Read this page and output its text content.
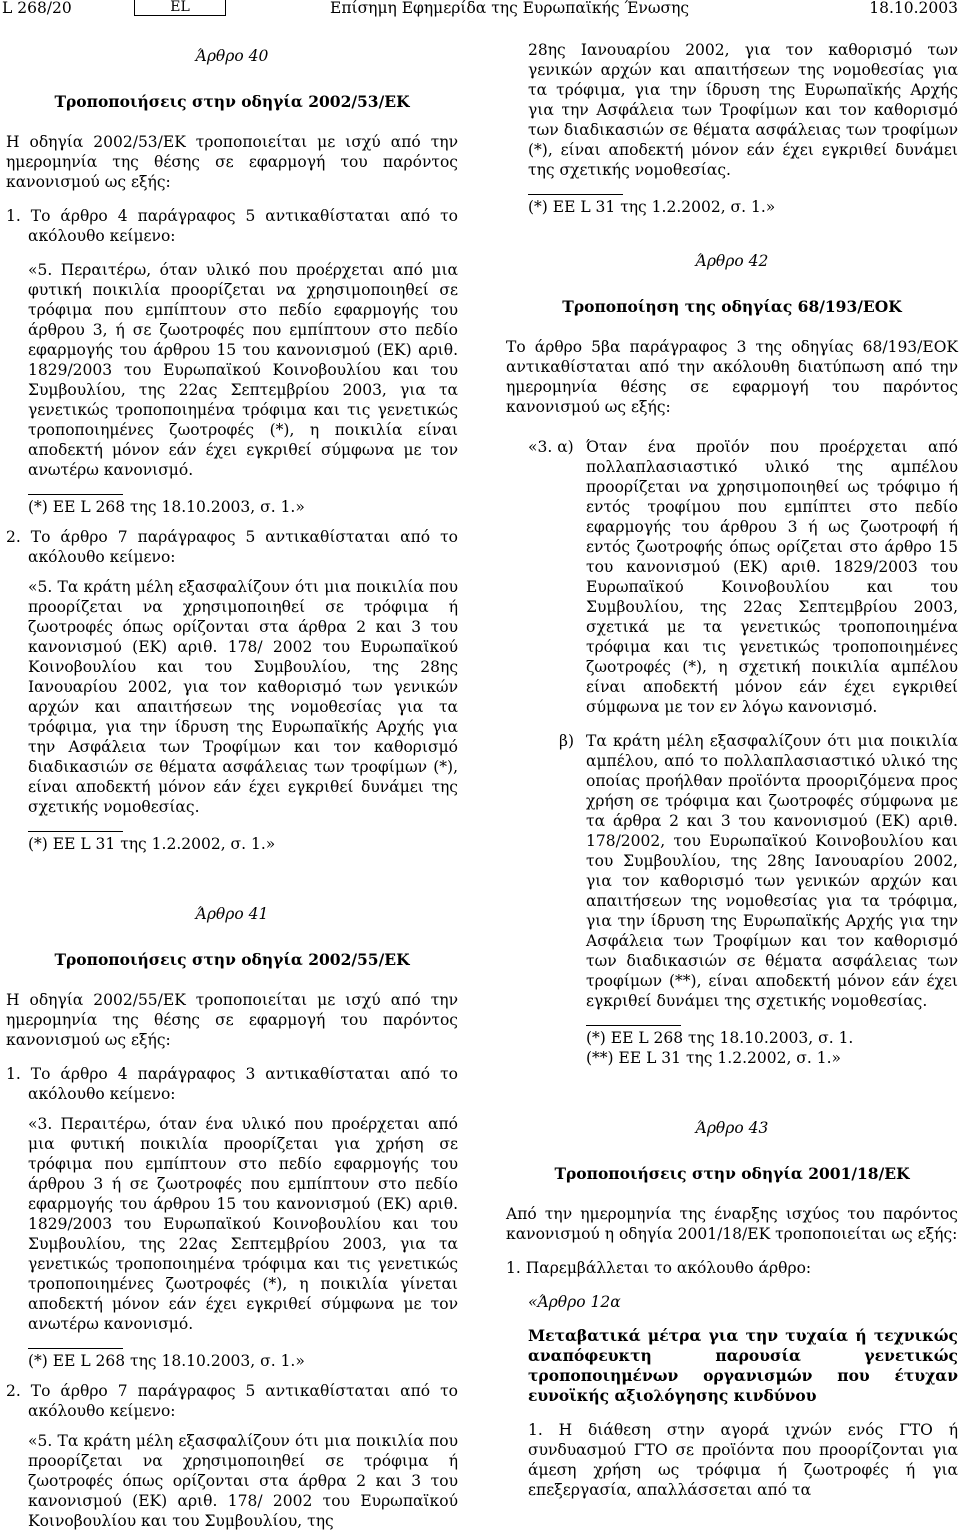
L 268/20	EL	Επίσημη Εφημερίδα της Ευρωπαϊκής Ένωσης	18.10.2003

Άρθρο 40

Τροποποιήσεις στην οδηγία 2002/53/ΕΚ

Η οδηγία 2002/53/ΕΚ τροποποιείται με ισχύ από την ημερομηνία της θέσης σε εφαρμογή του παρόντος κανονισμού ως εξής:

1. Το άρθρο 4 παράγραφος 5 αντικαθίσταται από το ακόλουθο κείμενο:

«5. Περαιτέρω, όταν υλικό που προέρχεται από μια φυτική ποικιλία προορίζεται να χρησιμοποιηθεί σε τρόφιμα που εμπίπτουν στο πεδίο εφαρμογής του άρθρου 3, ή σε ζωοτροφές που εμπίπτουν στο πεδίο εφαρμογής του άρθρου 15 του κανονισμού (ΕΚ) αριθ. 1829/2003 του Ευρωπαϊκού Κοινοβουλίου και του Συμβουλίου, της 22ας Σεπτεμβρίου 2003, για τα γενετικώς τροποποιημένα τρόφιμα και τις γενετικώς τροποποιημένες ζωοτροφές (*), η ποικιλία είναι αποδεκτή μόνον εάν έχει εγκριθεί σύμφωνα με τον ανωτέρω κανονισμό.

(*) ΕΕ L 268 της 18.10.2003, σ. 1.»

2. Το άρθρο 7 παράγραφος 5 αντικαθίσταται από το ακόλουθο κείμενο:

«5. Τα κράτη μέλη εξασφαλίζουν ότι μια ποικιλία που προορίζεται να χρησιμοποιηθεί σε τρόφιμα ή ζωοτροφές όπως ορίζονται στα άρθρα 2 και 3 του κανονισμού (ΕΚ) αριθ. 178/ 2002 του Ευρωπαϊκού Κοινοβουλίου και του Συμβουλίου, της 28ης Ιανουαρίου 2002, για τον καθορισμό των γενικών αρχών και απαιτήσεων της νομοθεσίας για τα τρόφιμα, για την ίδρυση της Ευρωπαϊκής Αρχής για την Ασφάλεια των Τροφίμων και τον καθορισμό διαδικασιών σε θέματα ασφάλειας των τροφίμων (*), είναι αποδεκτή μόνον εάν έχει εγκριθεί δυνάμει της σχετικής νομοθεσίας.

(*) ΕΕ L 31 της 1.2.2002, σ. 1.»

Άρθρο 41

Τροποποιήσεις στην οδηγία 2002/55/ΕΚ

Η οδηγία 2002/55/ΕΚ τροποποιείται με ισχύ από την ημερομηνία της θέσης σε εφαρμογή του παρόντος κανονισμού ως εξής:

1. Το άρθρο 4 παράγραφος 3 αντικαθίσταται από το ακόλουθο κείμενο:

«3. Περαιτέρω, όταν ένα υλικό που προέρχεται από μια φυτική ποικιλία προορίζεται για χρήση σε τρόφιμα που εμπίπτουν στο πεδίο εφαρμογής του άρθρου 3 ή σε ζωοτροφές που εμπίπτουν στο πεδίο εφαρμογής του άρθρου 15 του κανονισμού (ΕΚ) αριθ. 1829/2003 του Ευρωπαϊκού Κοινοβουλίου και του Συμβουλίου, της 22ας Σεπτεμβρίου 2003, για τα γενετικώς τροποποιημένα τρόφιμα και τις γενετικώς τροποποιημένες ζωοτροφές (*), η ποικιλία γίνεται αποδεκτή μόνον εάν έχει εγκριθεί σύμφωνα με τον ανωτέρω κανονισμό.

(*) ΕΕ L 268 της 18.10.2003, σ. 1.»

2. Το άρθρο 7 παράγραφος 5 αντικαθίσταται από το ακόλουθο κείμενο:

«5. Τα κράτη μέλη εξασφαλίζουν ότι μια ποικιλία που προορίζεται να χρησιμοποιηθεί σε τρόφιμα ή ζωοτροφές όπως ορίζονται στα άρθρα 2 και 3 του κανονισμού (ΕΚ) αριθ. 178/ 2002 του Ευρωπαϊκού Κοινοβουλίου και του Συμβουλίου, της

28ης Ιανουαρίου 2002, για τον καθορισμό των γενικών αρχών και απαιτήσεων της νομοθεσίας για τα τρόφιμα, για την ίδρυση της Ευρωπαϊκής Αρχής για την Ασφάλεια των Τροφίμων και τον καθορισμό των διαδικασιών σε θέματα ασφάλειας των τροφίμων (*), είναι αποδεκτή μόνον εάν έχει εγκριθεί δυνάμει της σχετικής νομοθεσίας.

(*) ΕΕ L 31 της 1.2.2002, σ. 1.»

Άρθρο 42

Τροποποίηση της οδηγίας 68/193/ΕΟΚ

Το άρθρο 5βα παράγραφος 3 της οδηγίας 68/193/ΕΟΚ αντικαθίσταται από την ακόλουθη διατύπωση από την ημερομηνία θέσης σε εφαρμογή του παρόντος κανονισμού ως εξής:

«3. α) Όταν ένα προϊόν που προέρχεται από πολλαπλασιαστικό υλικό της αμπέλου προορίζεται να χρησιμοποιηθεί ως τρόφιμο ή εντός τροφίμου που εμπίπτει στο πεδίο εφαρμογής του άρθρου 3 ή ως ζωοτροφή ή εντός ζωοτροφής όπως ορίζεται στο άρθρο 15 του κανονισμού (ΕΚ) αριθ. 1829/2003 του Ευρωπαϊκού Κοινοβουλίου και του Συμβουλίου, της 22ας Σεπτεμβρίου 2003, σχετικά με τα γενετικώς τροποποιημένα τρόφιμα και τις γενετικώς τροποποιημένες ζωοτροφές (*), η σχετική ποικιλία αμπέλου είναι αποδεκτή μόνον εάν έχει εγκριθεί σύμφωνα με τον εν λόγω κανονισμό.
β) Τα κράτη μέλη εξασφαλίζουν ότι μια ποικιλία αμπέλου, από το πολλαπλασιαστικό υλικό της οποίας προήλθαν προϊόντα προοριζόμενα προς χρήση σε τρόφιμα και ζωοτροφές σύμφωνα με τα άρθρα 2 και 3 του κανονισμού (ΕΚ) αριθ. 178/2002, του Ευρωπαϊκού Κοινοβουλίου και του Συμβουλίου, της 28ης Ιανουαρίου 2002, για τον καθορισμό των γενικών αρχών και απαιτήσεων της νομοθεσίας για τα τρόφιμα, για την ίδρυση της Ευρωπαϊκής Αρχής για την Ασφάλεια των Τροφίμων και τον καθορισμό των διαδικασιών σε θέματα ασφάλειας των τροφίμων (**), είναι αποδεκτή μόνον εάν έχει εγκριθεί δυνάμει της σχετικής νομοθεσίας.

(*) ΕΕ L 268 της 18.10.2003, σ. 1.

(**) ΕΕ L 31 της 1.2.2002, σ. 1.»

Άρθρο 43

Τροποποιήσεις στην οδηγία 2001/18/ΕΚ

Από την ημερομηνία της έναρξης ισχύος του παρόντος κανονισμού η οδηγία 2001/18/ΕΚ τροποποιείται ως εξής:

1. Παρεμβάλλεται το ακόλουθο άρθρο:

«Άρθρο 12α

Μεταβατικά μέτρα για την τυχαία ή τεχνικώς αναπόφευκτη παρουσία γενετικώς τροποποιημένων οργανισμών που έτυχαν ευνοϊκής αξιολόγησης κινδύνου

1. Η διάθεση στην αγορά ιχνών ενός ΓΤΟ ή συνδυασμού ΓΤΟ σε προϊόντα που προορίζονται για άμεση χρήση ως τρόφιμα ή ζωοτροφές ή για επεξεργασία, απαλλάσσεται από τα
